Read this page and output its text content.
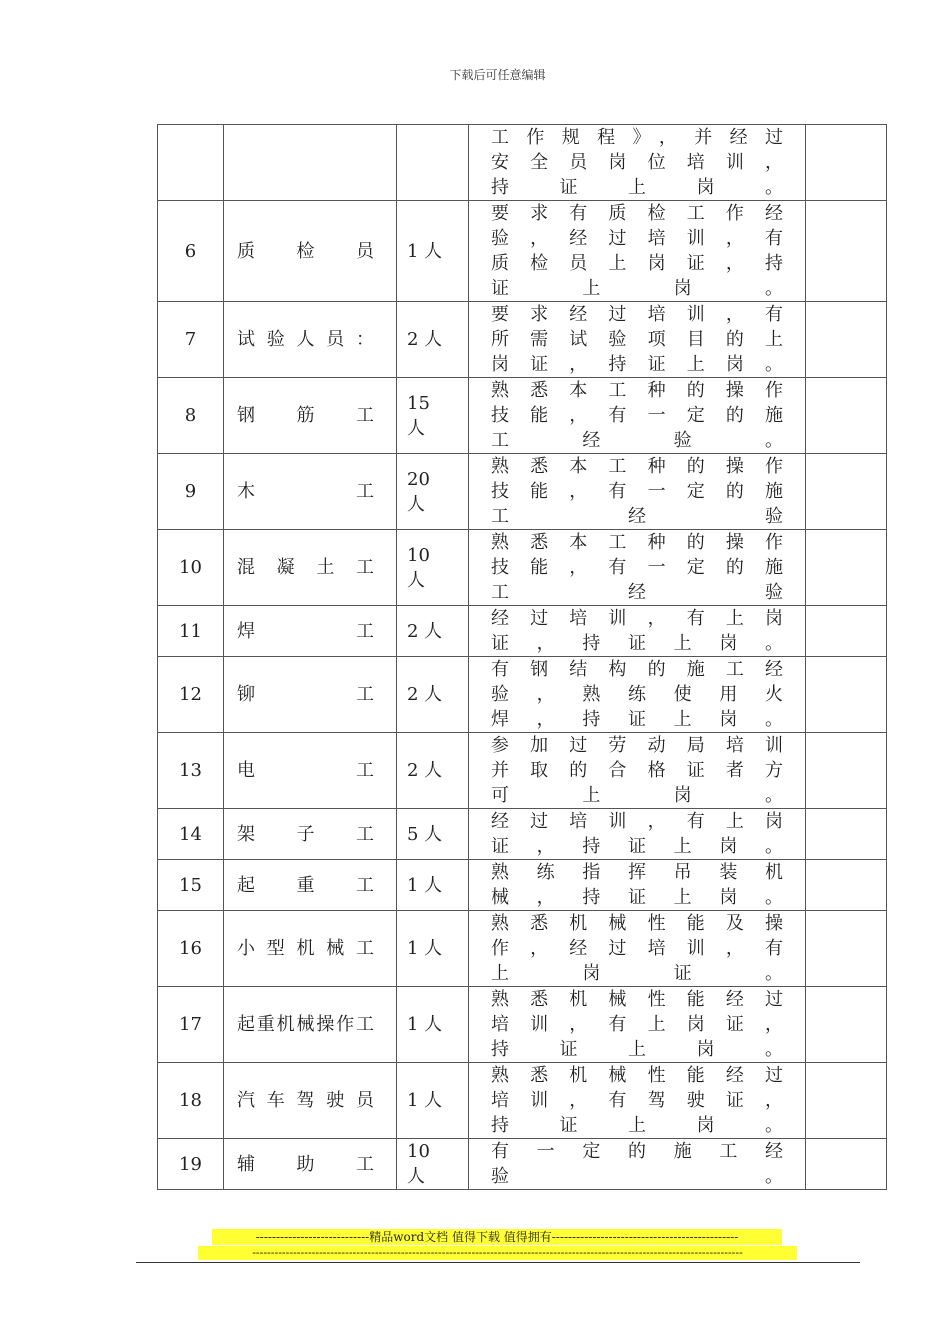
下载后可任意编辑

			工作规程》，并经过安全员岗位培训，持证上岗。	

6	质检员	1 人	要求有质检工作经验，经过培训，有质检员上岗证，持证上岗。	

7	试验人员：	2 人	要求经过培训，有所需试验项目的上岗证，持证上岗。	

8	钢筋工	15 人	熟悉本工种的操作技能，有一定的施工经验。	

9	木工	20 人	熟悉本工种的操作技能，有一定的施工经验	

10	混凝土工	10 人	熟悉本工种的操作技能，有一定的施工经验	

11	焊工	2 人	经过培训，有上岗证，持证上岗。	

12	铆工	2 人	有钢结构的施工经验，熟练使用火焊，持证上岗。	

13	电工	2 人	参加过劳动局培训并取的合格证者方可上岗。	

14	架子工	5 人	经过培训，有上岗证，持证上岗。	

15	起重工	1 人	熟练指挥吊装机械，持证上岗。	

16	小型机械工	1 人	熟悉机械性能及操作，经过培训，有上岗证。	

17	起重机械操作工	1 人	熟悉机械性能经过培训，有上岗证，持证上岗。	

18	汽车驾驶员	1 人	熟悉机械性能经过培训，有驾驶证，持证上岗。	

19	辅助工	10 人	有一定的施工经验。	

----------------------------精品word文档 值得下载 值得拥有----------------------------------------------
------------------------------------------------------------------------------------------------------------------------------------
